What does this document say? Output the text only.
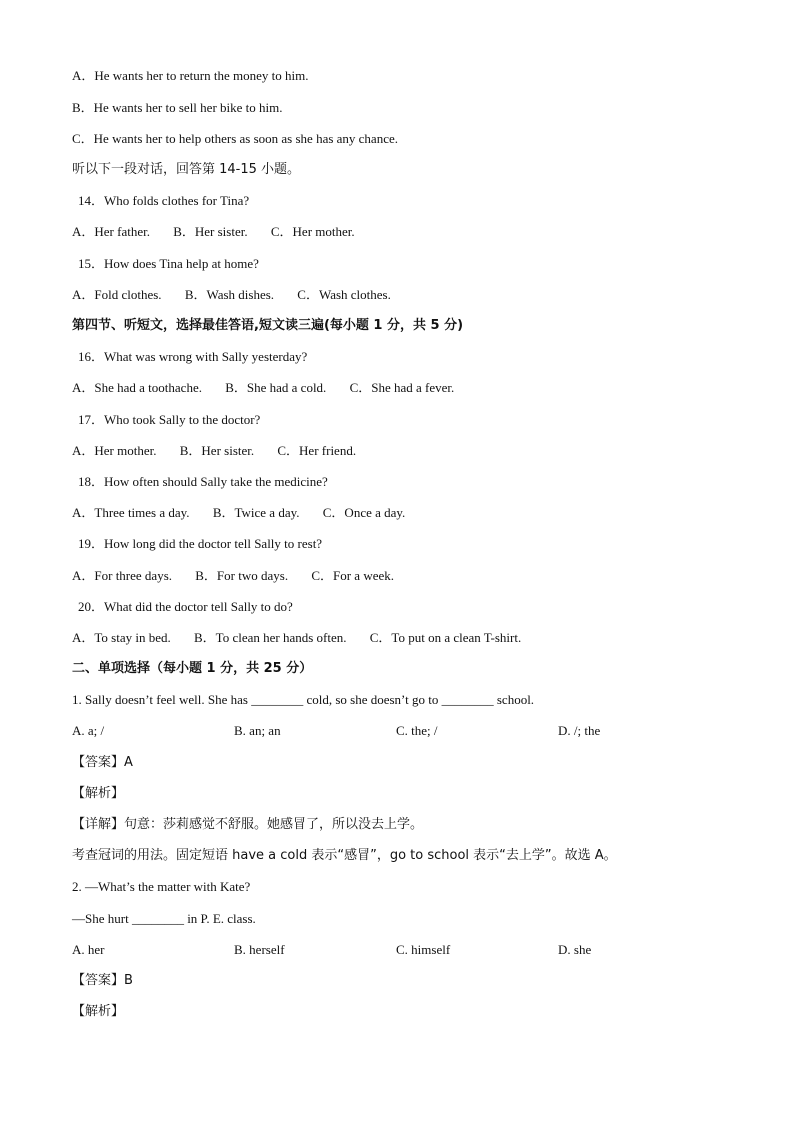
A．He wants her to return the money to him.
B．He wants her to sell her bike to him.
C．He wants her to help others as soon as she has any chance.
听以下一段对话，回答第 14-15 小题。
14．Who folds clothes for Tina?
A．Her father. B．Her sister. C．Her mother.
15．How does Tina help at home?
A．Fold clothes. B．Wash dishes. C．Wash clothes.
第四节、听短文，选择最佳答语,短文读三遍(每小题 1 分，共 5 分)
16．What was wrong with Sally yesterday?
A．She had a toothache. B．She had a cold. C．She had a fever.
17．Who took Sally to the doctor?
A．Her mother. B．Her sister. C．Her friend.
18．How often should Sally take the medicine?
A．Three times a day. B．Twice a day. C．Once a day.
19．How long did the doctor tell Sally to rest?
A．For three days. B．For two days. C．For a week.
20．What did the doctor tell Sally to do?
A．To stay in bed. B．To clean her hands often. C．To put on a clean T-shirt.
二、单项选择（每小题 1 分，共 25 分）
1. Sally doesn’t feel well. She has ________ cold, so she doesn’t go to ________ school.
A. a; /	B. an; an	C. the; /	D. /; the
【答案】A
【解析】
【详解】句意：莎莉感觉不舒服。她感冒了，所以没去上学。
考查冠词的用法。固定短语 have a cold 表示“感冒”，go to school 表示“去上学”。故选 A。
2. —What’s the matter with Kate?
—She hurt ________ in P. E. class.
A. her	B. herself	C. himself	D. she
【答案】B
【解析】
